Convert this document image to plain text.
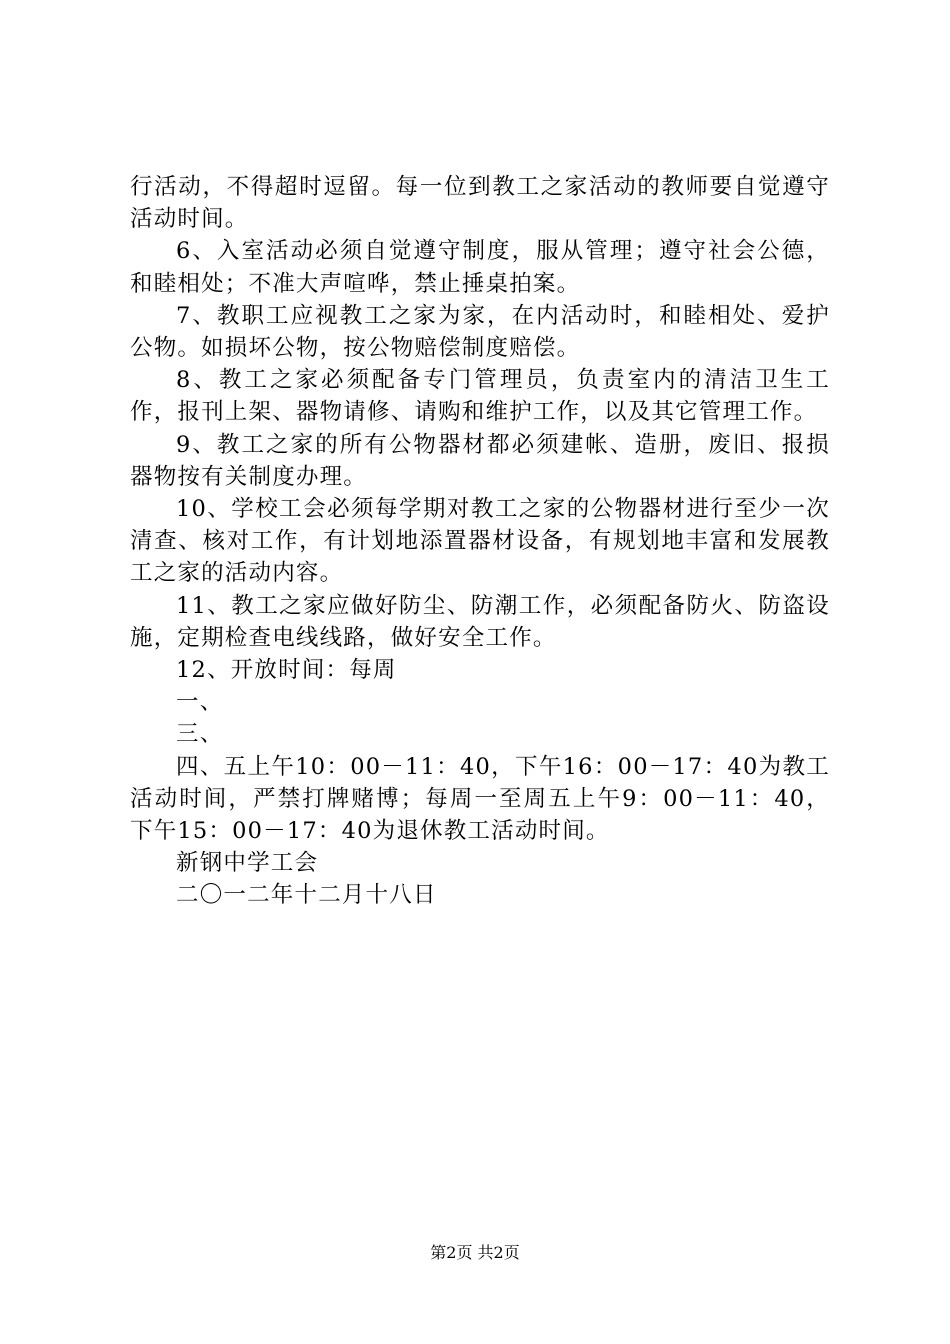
行活动，不得超时逗留。每一位到教工之家活动的教师要自觉遵守活动时间。

6、入室活动必须自觉遵守制度，服从管理；遵守社会公德，和睦相处；不准大声喧哗，禁止捶桌拍案。

7、教职工应视教工之家为家，在内活动时，和睦相处、爱护公物。如损坏公物，按公物赔偿制度赔偿。

8、教工之家必须配备专门管理员，负责室内的清洁卫生工作，报刊上架、器物请修、请购和维护工作，以及其它管理工作。

9、教工之家的所有公物器材都必须建帐、造册，废旧、报损器物按有关制度办理。

10、学校工会必须每学期对教工之家的公物器材进行至少一次清查、核对工作，有计划地添置器材设备，有规划地丰富和发展教工之家的活动内容。

11、教工之家应做好防尘、防潮工作，必须配备防火、防盗设施，定期检查电线线路，做好安全工作。

12、开放时间：每周

一、

三、

四、五上午10：00－11：40，下午16：00－17：40为教工活动时间，严禁打牌赌博；每周一至周五上午9：00－11：40，下午15：00－17：40为退休教工活动时间。

新钢中学工会

二〇一二年十二月十八日

第2页 共2页
